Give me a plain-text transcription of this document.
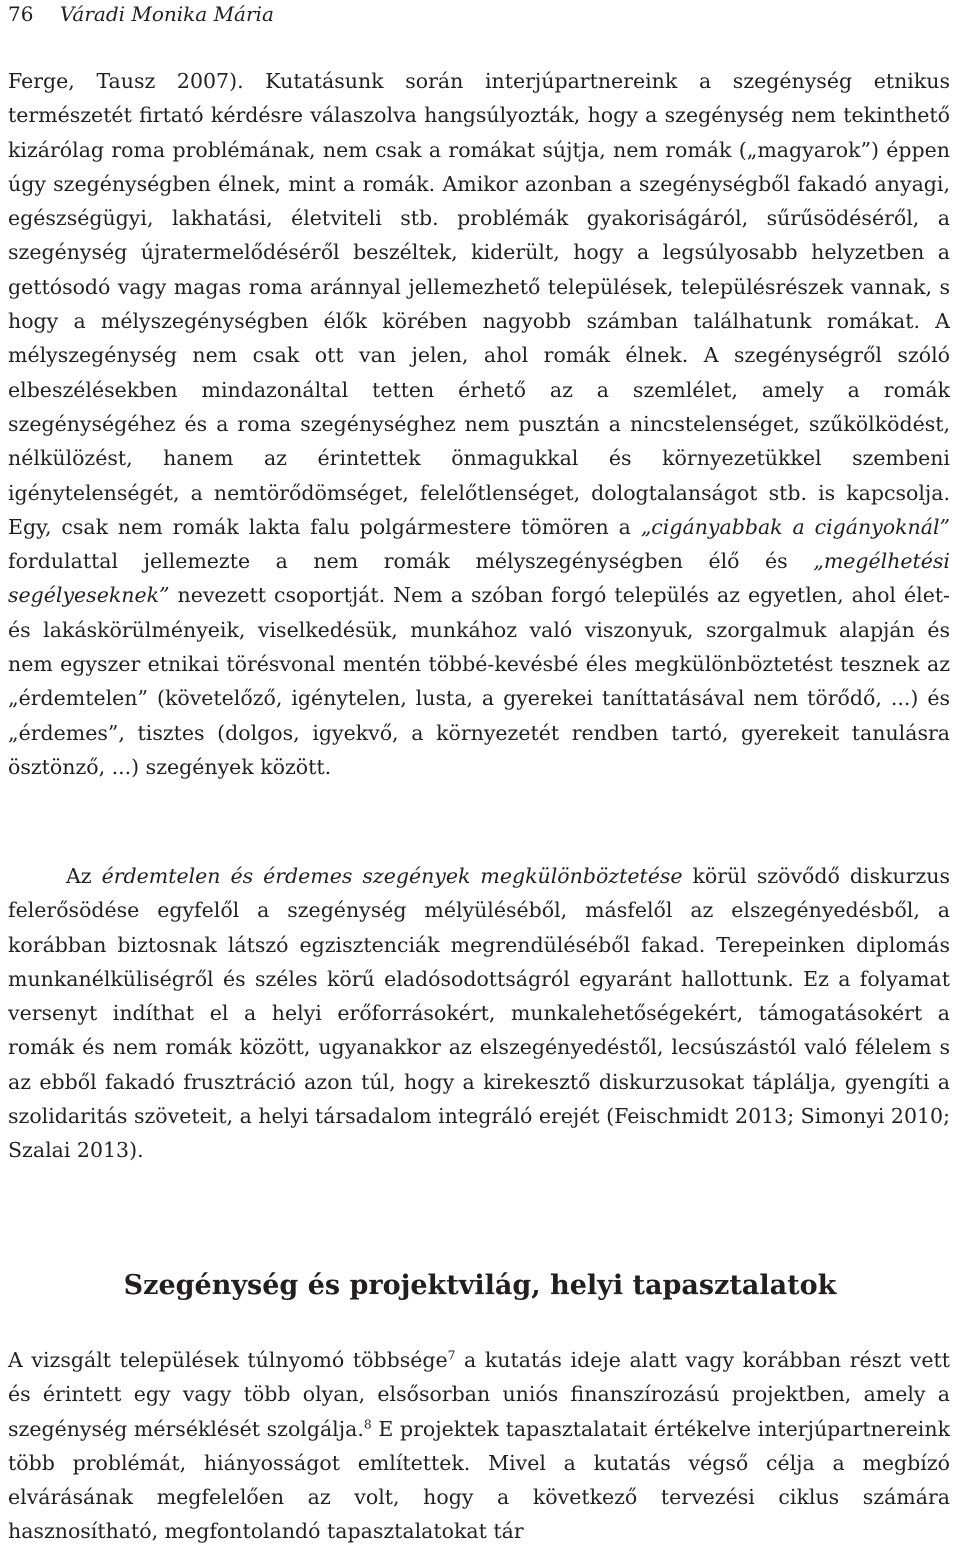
76 Váradi Monika Mária

Ferge, Tausz 2007). Kutatásunk során interjúpartnereink a szegénység etnikus természetét firtató kérdésre válaszolva hangsúlyozták, hogy a szegénység nem tekinthető kizárólag roma problémának, nem csak a romákat sújtja, nem romák („magyarok”) éppen úgy szegénységben élnek, mint a romák. Amikor azonban a szegénységből fakadó anyagi, egészségügyi, lakhatási, életviteli stb. problémák gyakoriságáról, sűrűsödéséről, a szegénység újratermelődéséről beszéltek, kiderült, hogy a legsúlyosabb helyzetben a gettósodó vagy magas roma aránnyal jellemezhető települések, településrészek vannak, s hogy a mélyszegénységben élők körében nagyobb számban találhatunk romákat. A mélyszegénység nem csak ott van jelen, ahol romák élnek. A szegénységről szóló elbeszélésekben mindazonáltal tetten érhető az a szemlélet, amely a romák szegénységéhez és a roma szegénységhez nem pusztán a nincstelenséget, szűkölködést, nélkülözést, hanem az érintettek önmagukkal és környezetükkel szembeni igénytelenségét, a nemtörődömséget, felelőtlenséget, dologtalanságot stb. is kapcsolja. Egy, csak nem romák lakta falu polgármestere tömören a „cigányabbak a cigányoknál” fordulattal jellemezte a nem romák mélyszegénységben élő és „megélhetési segélyeseknek” nevezett csoportját. Nem a szóban forgó település az egyetlen, ahol élet- és lakáskörülményeik, viselkedésük, munkához való viszonyuk, szorgalmuk alapján és nem egyszer etnikai törésvonal mentén többé-kevésbé éles megkülönböztetést tesznek az „érdemtelen” (követelőző, igénytelen, lusta, a gyerekei taníttatásával nem törődő, ...) és „érdemes”, tisztes (dolgos, igyekvő, a környezetét rendben tartó, gyerekeit tanulásra ösztönző, ...) szegények között.

Az érdemtelen és érdemes szegények megkülönböztetése körül szövődő diskurzus felerősödése egyfelől a szegénység mélyüléséből, másfelől az elszegényedésből, a korábban biztosnak látszó egzisztenciák megrendüléséből fakad. Terepeinken diplomás munkanélküliségről és széles körű eladósodottságról egyaránt hallottunk. Ez a folyamat versenyt indíthat el a helyi erőforrásokért, munkalehetőségekért, támogatásokért a romák és nem romák között, ugyanakkor az elszegényedéstől, lecsúszástól való félelem s az ebből fakadó frusztráció azon túl, hogy a kirekesztő diskurzusokat táplálja, gyengíti a szolidaritás szöveteit, a helyi társadalom integráló erejét (Feischmidt 2013; Simonyi 2010; Szalai 2013).

Szegénység és projektvilág, helyi tapasztalatok

A vizsgált települések túlnyomó többsége$^7$ a kutatás ideje alatt vagy korábban részt vett és érintett egy vagy több olyan, elsősorban uniós finanszírozású projektben, amely a szegénység mérséklését szolgálja.$^8$ E projektek tapasztalatait értékelve interjúpartnereink több problémát, hiányosságot említettek. Mivel a kutatás végső célja a megbízó elvárásának megfelelően az volt, hogy a következő tervezési ciklus számára hasznosítható, megfontolandó tapasztalatokat tár
